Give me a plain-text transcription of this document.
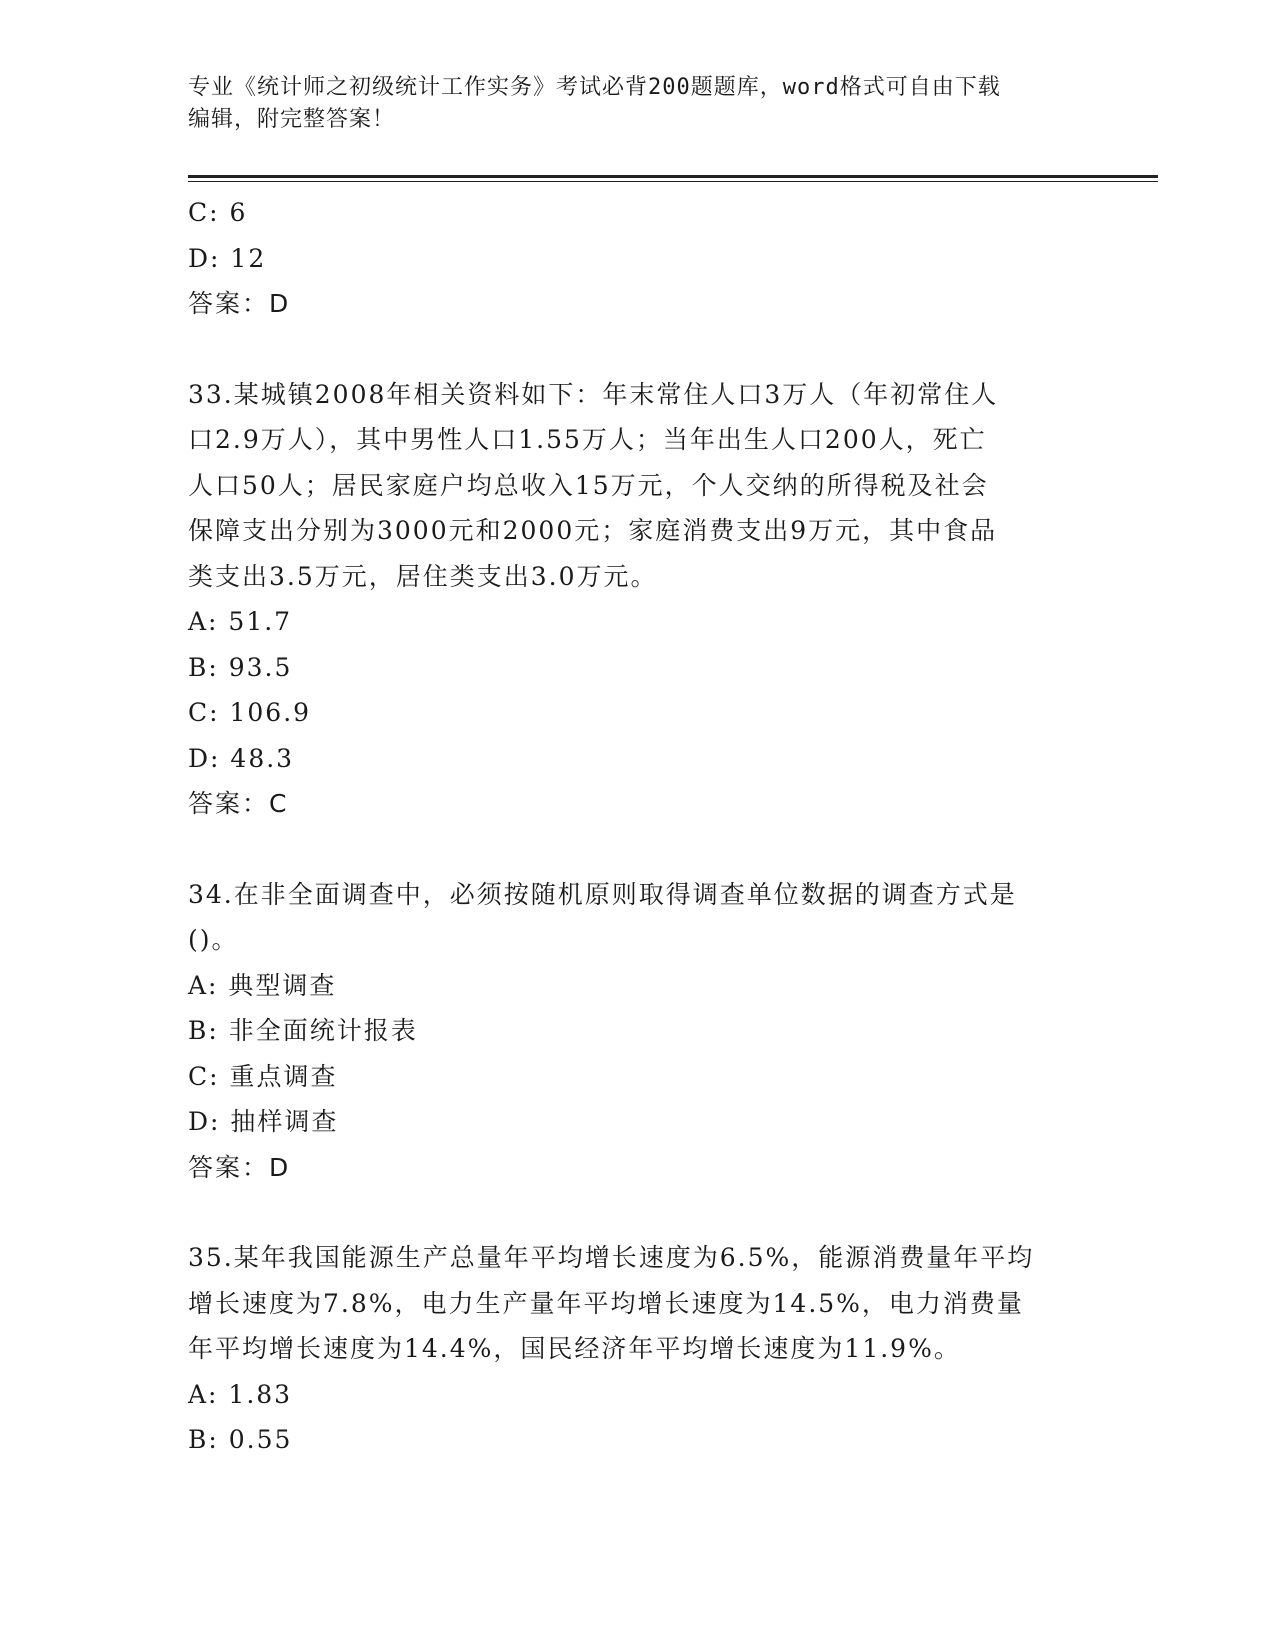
专业《统计师之初级统计工作实务》考试必背200题题库，word格式可自由下载

编辑，附完整答案！

C: 6
D: 12
答案：D
33.某城镇2008年相关资料如下：年末常住人口3万人（年初常住人
口2.9万人），其中男性人口1.55万人；当年出生人口200人，死亡
人口50人；居民家庭户均总收入15万元，个人交纳的所得税及社会
保障支出分别为3000元和2000元；家庭消费支出9万元，其中食品
类支出3.5万元，居住类支出3.0万元。
A: 51.7
B: 93.5
C: 106.9
D: 48.3
答案：C
34.在非全面调查中，必须按随机原则取得调查单位数据的调查方式是
()。
A: 典型调查
B: 非全面统计报表
C: 重点调查
D: 抽样调查
答案：D
35.某年我国能源生产总量年平均增长速度为6.5%，能源消费量年平均
增长速度为7.8%，电力生产量年平均增长速度为14.5%，电力消费量
年平均增长速度为14.4%，国民经济年平均增长速度为11.9%。
A: 1.83
B: 0.55
